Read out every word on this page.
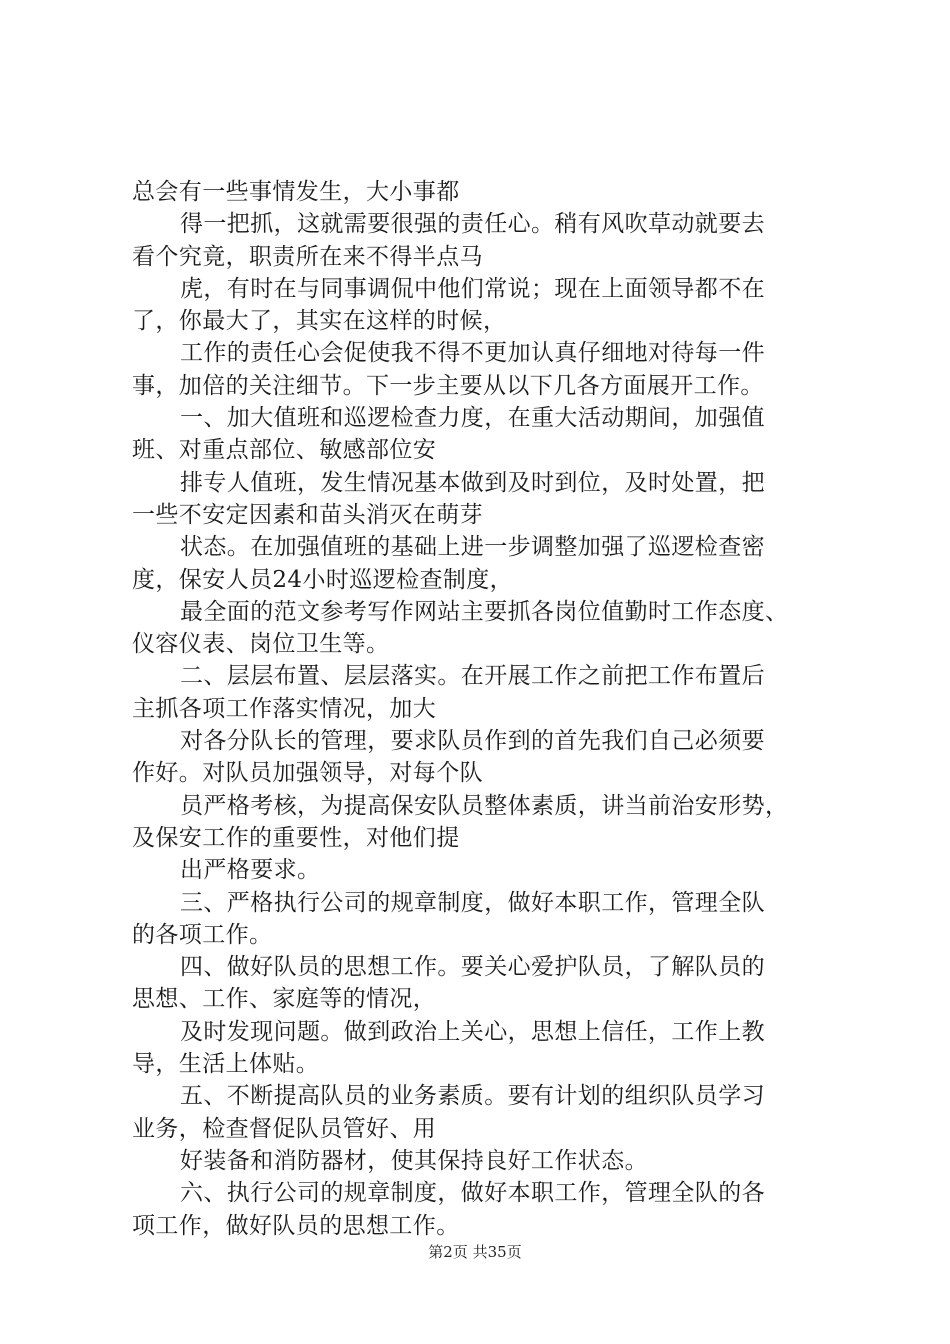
总会有一些事情发生，大小事都
得一把抓，这就需要很强的责任心。稍有风吹草动就要去
看个究竟，职责所在来不得半点马
虎，有时在与同事调侃中他们常说；现在上面领导都不在
了，你最大了，其实在这样的时候，
工作的责任心会促使我不得不更加认真仔细地对待每一件
事，加倍的关注细节。下一步主要从以下几各方面展开工作。
一、加大值班和巡逻检查力度，在重大活动期间，加强值
班、对重点部位、敏感部位安
排专人值班，发生情况基本做到及时到位，及时处置，把
一些不安定因素和苗头消灭在萌芽
状态。在加强值班的基础上进一步调整加强了巡逻检查密
度，保安人员24小时巡逻检查制度，
最全面的范文参考写作网站主要抓各岗位值勤时工作态度、
仪容仪表、岗位卫生等。
二、层层布置、层层落实。在开展工作之前把工作布置后
主抓各项工作落实情况，加大
对各分队长的管理，要求队员作到的首先我们自己必须要
作好。对队员加强领导，对每个队
员严格考核，为提高保安队员整体素质，讲当前治安形势，
及保安工作的重要性，对他们提
出严格要求。
三、严格执行公司的规章制度，做好本职工作，管理全队
的各项工作。
四、做好队员的思想工作。要关心爱护队员，了解队员的
思想、工作、家庭等的情况，
及时发现问题。做到政治上关心，思想上信任，工作上教
导，生活上体贴。
五、不断提高队员的业务素质。要有计划的组织队员学习
业务，检查督促队员管好、用
好装备和消防器材，使其保持良好工作状态。
六、执行公司的规章制度，做好本职工作，管理全队的各
项工作，做好队员的思想工作。
第2页 共35页
